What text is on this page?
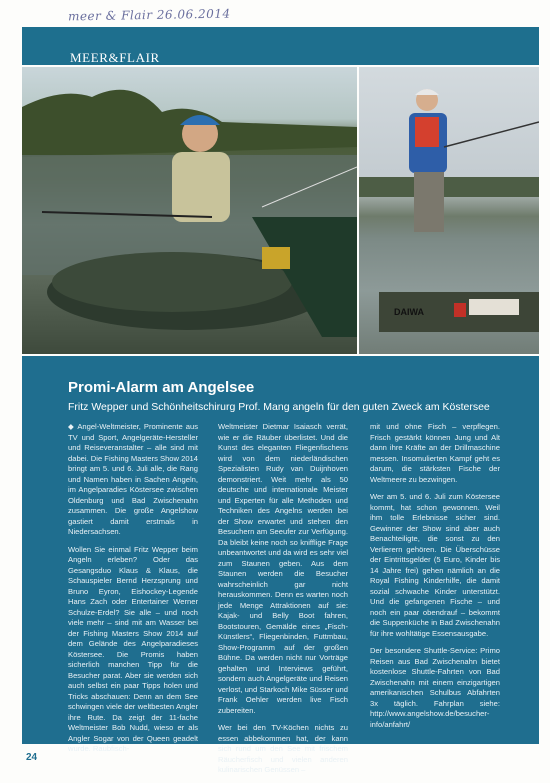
meer & Flair 26.06.2014
MEER&FLAIR
DAIWA
Promi-Alarm am Angelsee
Fritz Wepper und Schönheitschirurg Prof. Mang angeln für den guten Zweck am Köstersee

◆ Angel-Weltmeister, Prominente aus TV und Sport, Angelgeräte-Hersteller und Reiseveranstalter – alle sind mit dabei. Die Fishing Masters Show 2014 bringt am 5. und 6. Juli alle, die Rang und Namen haben in Sachen Angeln, im Angelparadies Köstersee zwischen Oldenburg und Bad Zwischenahn zusammen. Die große Angelshow gastiert damit erstmals in Niedersachsen.

Wollen Sie einmal Fritz Wepper beim Angeln erleben? Oder das Gesangsduo Klaus & Klaus, die Schauspieler Bernd Herzsprung und Bruno Eyron, Eishockey-Legende Hans Zach oder Entertainer Werner Schulze-Erdel? Sie alle – und noch viele mehr – sind mit am Wasser bei der Fishing Masters Show 2014 auf dem Gelände des Angelparadieses Köstersee. Die Promis haben sicherlich manchen Tipp für die Besucher parat. Aber sie werden sich auch selbst ein paar Tipps holen und Tricks abschauen: Denn an dem See schwingen viele der weltbesten Angler ihre Rute. Da zeigt der 11-fache Weltmeister Bob Nudd, wieso er als Angler Sogar von der Queen geadelt wurde. Raubfisch-

Weltmeister Dietmar Isaiasch verrät, wie er die Räuber überlistet. Und die Kunst des eleganten Fliegenfischens wird von dem niederländischen Spezialisten Rudy van Duijnhoven demonstriert. Weit mehr als 50 deutsche und internationale Meister und Experten für alle Methoden und Techniken des Angelns werden bei der Show erwartet und stehen den Besuchern am Seeufer zur Verfügung. Da bleibt keine noch so knifflige Frage unbeantwortet und da wird es sehr viel zum Staunen geben. Aus dem Staunen werden die Besucher wahrscheinlich gar nicht herauskommen. Denn es warten noch jede Menge Attraktionen auf sie: Kajak- und Belly Boot fahren, Bootstouren, Gemälde eines „Fisch-Künstlers“, Fliegenbinden, Futtmbau, Show-Programm auf der großen Bühne. Da werden nicht nur Vorträge gehalten und Interviews geführt, sondern auch Angelgeräte und Reisen verlost, und Starkoch Mike Süsser und Frank Oehler werden live Fisch zubereiten.

Wer bei den TV-Köchen nichts zu essen abbekommen hat, der kann sich rund um den See mit frischem Räucherfisch und vielen anderen kulinarischen Genüssen –

mit und ohne Fisch – verpflegen. Frisch gestärkt können Jung und Alt dann ihre Kräfte an der Drillmaschine messen. Insomulierten Kampf geht es darum, die stärksten Fische der Weltmeere zu bezwingen.

Wer am 5. und 6. Juli zum Köstersee kommt, hat schon gewonnen. Weil ihm tolle Erlebnisse sicher sind. Gewinner der Show sind aber auch Benachteiligte, die sonst zu den Verlierern gehören. Die Überschüsse der Eintrittsgelder (5 Euro, Kinder bis 14 Jahre frei) gehen nämlich an die Royal Fishing Kinderhilfe, die damit sozial schwache Kinder unterstützt. Und die gefangenen Fische – und noch ein paar obendrauf – bekommt die Suppenküche in Bad Zwischenahn für ihre wohltätige Essensausgabe.

Der besondere Shuttle-Service: Primo Reisen aus Bad Zwischenahn bietet kostenlose Shuttle-Fahrten von Bad Zwischenahn mit einem einzigartigen amerikanischen Schulbus Abfahrten 3x täglich. Fahrplan siehe: http://www.angelshow.de/besucher-info/anfahrt/

24
